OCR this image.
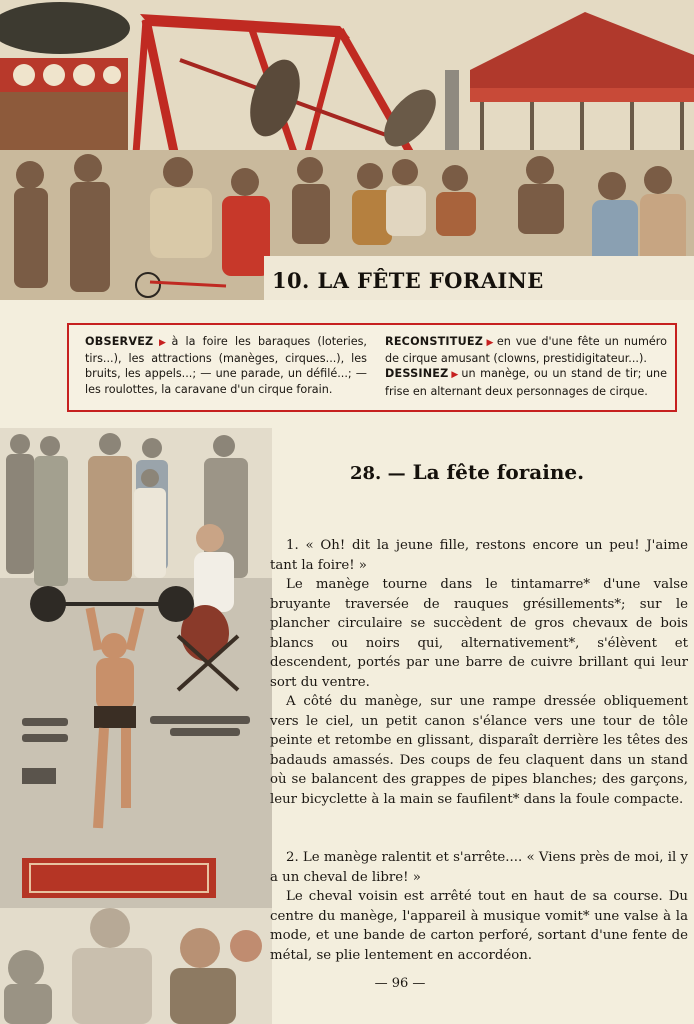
10. LA FÊTE FORAINE
OBSERVEZ ▶ à la foire les baraques (loteries, tirs...), les attractions (manèges, cirques...), les bruits, les appels...; — une parade, un défilé...; — les roulottes, la caravane d'un cirque forain.
RECONSTITUEZ ▶ en vue d'une fête un numéro de cirque amusant (clowns, prestidigitateur...).
DESSINEZ ▶ un manège, ou un stand de tir; une frise en alternant deux personnages de cirque.
28. — La fête foraine.

1. « Oh! dit la jeune fille, restons encore un peu! J'aime tant la foire! »

Le manège tourne dans le tintamarre* d'une valse bruyante traversée de rauques grésillements*; sur le plancher circulaire se succèdent de gros chevaux de bois blancs ou noirs qui, alternativement*, s'élèvent et descendent, portés par une barre de cuivre brillant qui leur sort du ventre.

A côté du manège, sur une rampe dressée obliquement vers le ciel, un petit canon s'élance vers une tour de tôle peinte et retombe en glissant, disparaît derrière les têtes des badauds amassés. Des coups de feu claquent dans un stand où se balancent des grappes de pipes blanches; des garçons, leur bicyclette à la main se faufilent* dans la foule compacte.

2. Le manège ralentit et s'arrête.... « Viens près de moi, il y a un cheval de libre! »

Le cheval voisin est arrêté tout en haut de sa course. Du centre du manège, l'appareil à musique vomit* une valse à la mode, et une bande de carton perforé, sortant d'une fente de métal, se plie lentement en accordéon.

— 96 —
